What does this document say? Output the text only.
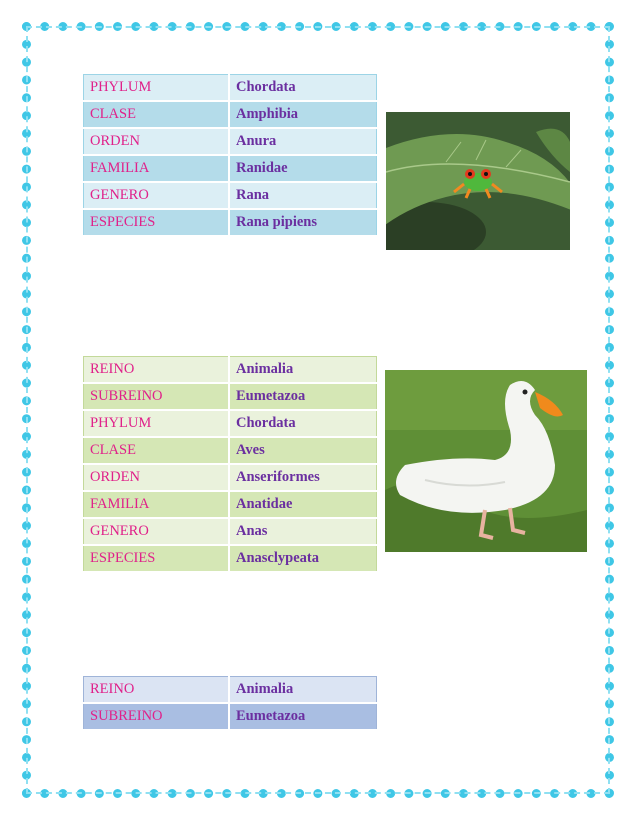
PHYLUM	Chordata
CLASE	Amphibia
ORDEN	Anura
FAMILIA	Ranidae
GENERO	Rana
ESPECIES	Rana pipiens
REINO	Animalia
SUBREINO	Eumetazoa
PHYLUM	Chordata
CLASE	Aves
ORDEN	Anseriformes
FAMILIA	Anatidae
GENERO	Anas
ESPECIES	Anasclypeata
REINO	Animalia
SUBREINO	Eumetazoa
